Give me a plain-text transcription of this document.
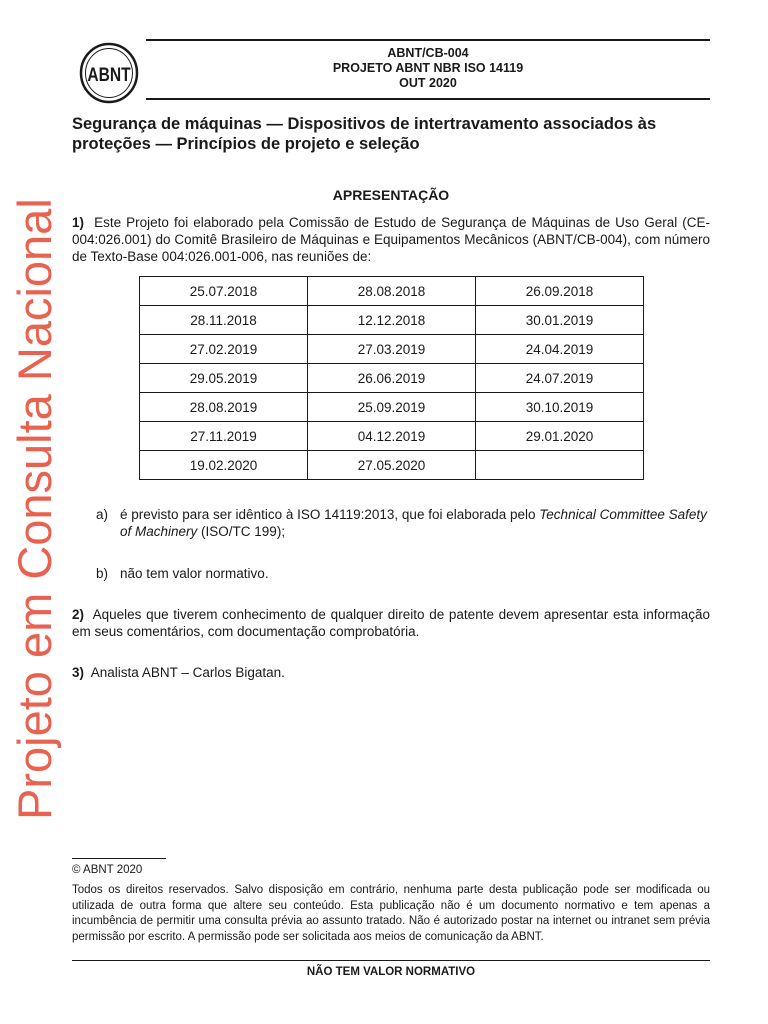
ABNT
ABNT/CB-004
PROJETO ABNT NBR ISO 14119
OUT 2020
Segurança de máquinas — Dispositivos de intertravamento associados às proteções — Princípios de projeto e seleção
APRESENTAÇÃO
1) Este Projeto foi elaborado pela Comissão de Estudo de Segurança de Máquinas de Uso Geral (CE-004:026.001) do Comitê Brasileiro de Máquinas e Equipamentos Mecânicos (ABNT/CB-004), com número de Texto-Base 004:026.001-006, nas reuniões de:
25.07.2018	28.08.2018	26.09.2018
28.11.2018	12.12.2018	30.01.2019
27.02.2019	27.03.2019	24.04.2019
29.05.2019	26.06.2019	24.07.2019
28.08.2019	25.09.2019	30.10.2019
27.11.2019	04.12.2019	29.01.2020
19.02.2020	27.05.2020	
a) é previsto para ser idêntico à ISO 14119:2013, que foi elaborada pelo Technical Committee Safety of Machinery (ISO/TC 199);
b) não tem valor normativo.
2) Aqueles que tiverem conhecimento de qualquer direito de patente devem apresentar esta informação em seus comentários, com documentação comprobatória.
3) Analista ABNT – Carlos Bigatan.
Projeto em Consulta Nacional
© ABNT 2020
Todos os direitos reservados. Salvo disposição em contrário, nenhuma parte desta publicação pode ser modificada ou utilizada de outra forma que altere seu conteúdo. Esta publicação não é um documento normativo e tem apenas a incumbência de permitir uma consulta prévia ao assunto tratado. Não é autorizado postar na internet ou intranet sem prévia permissão por escrito. A permissão pode ser solicitada aos meios de comunicação da ABNT.
NÃO TEM VALOR NORMATIVO
